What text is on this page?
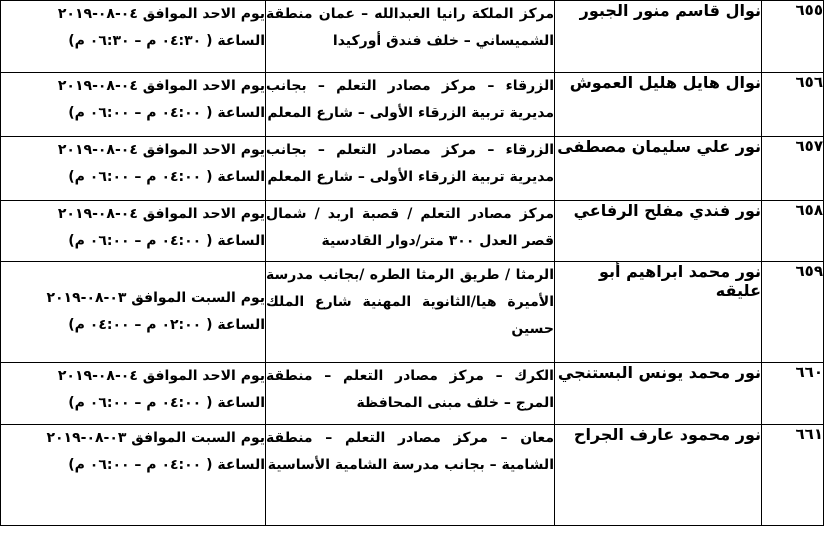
٦٥٥	نوال قاسم منور الجبور	مركز الملكة رانيا العبدالله – عمان منطقة الشميساني – خلف فندق أوركيدا	يوم الاحد الموافق ٠٤-٠٨-٢٠١٩
الساعة ( ٠٤:٣٠ م – ٠٦:٣٠ م)

٦٥٦	نوال هايل هليل العموش	الزرقاء – مركز مصادر التعلم – بجانب مديرية تربية الزرقاء الأولى – شارع المعلم	يوم الاحد الموافق ٠٤-٠٨-٢٠١٩
الساعة ( ٠٤:٠٠ م – ٠٦:٠٠ م)

٦٥٧	نور علي سليمان مصطفى	الزرقاء – مركز مصادر التعلم – بجانب مديرية تربية الزرقاء الأولى – شارع المعلم	يوم الاحد الموافق ٠٤-٠٨-٢٠١٩
الساعة ( ٠٤:٠٠ م – ٠٦:٠٠ م)

٦٥٨	نور فندي مفلح الرفاعي	مركز مصادر التعلم / قصبة اربد / شمال قصر العدل ٣٠٠ متر/دوار القادسية	يوم الاحد الموافق ٠٤-٠٨-٢٠١٩
الساعة ( ٠٤:٠٠ م – ٠٦:٠٠ م)

٦٥٩	نور محمد ابراهيم أبو عليقه	الرمثا / طريق الرمثا الطره /بجانب مدرسة الأميرة هيا/الثانوية المهنية شارع الملك حسين	يوم السبت الموافق ٠٣-٠٨-٢٠١٩
الساعة ( ٠٢:٠٠ م – ٠٤:٠٠ م)

٦٦٠	نور محمد يونس البستنجي	الكرك – مركز مصادر التعلم – منطقة المرج – خلف مبنى المحافظة	يوم الاحد الموافق ٠٤-٠٨-٢٠١٩
الساعة ( ٠٤:٠٠ م – ٠٦:٠٠ م)

٦٦١	نور محمود عارف الجراح	معان – مركز مصادر التعلم – منطقة الشامية – بجانب مدرسة الشامية الأساسية	يوم السبت الموافق ٠٣-٠٨-٢٠١٩
الساعة ( ٠٤:٠٠ م – ٠٦:٠٠ م)
